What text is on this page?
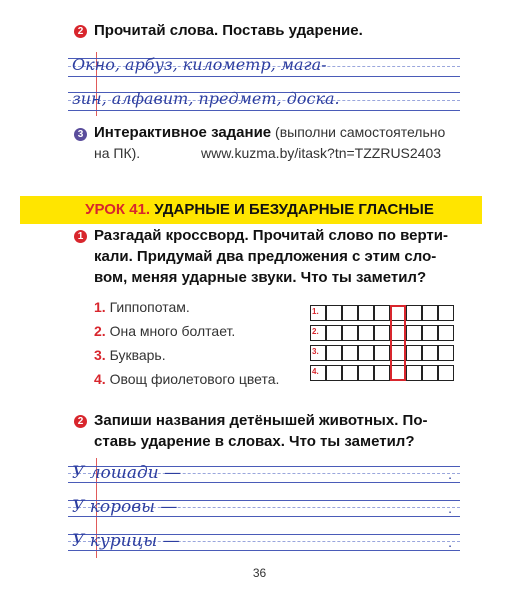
2 Прочитай слова. Поставь ударение.
Окно, арбуз, километр, мага-
зин, алфавит, предмет, доска.
3 Интерактивное задание (выполни самостоятельно
на ПК).	www.kuzma.by/itask?tn=TZZRUS2403
УРОК 41. УДАРНЫЕ И БЕЗУДАРНЫЕ ГЛАСНЫЕ
1 Разгадай кроссворд. Прочитай слово по верти-
кали. Придумай два предложения с этим сло-
вом, меняя ударные звуки. Что ты заметил?
1. Гиппопотам.
2. Она много болтает.
3. Букварь.
4. Овощ фиолетового цвета.
1.
2.
3.
4.
2 Запиши названия детёнышей животных. По-
ставь ударение в словах. Что ты заметил?
У лошади —
У коровы —
У курицы —
.
.
.
36
